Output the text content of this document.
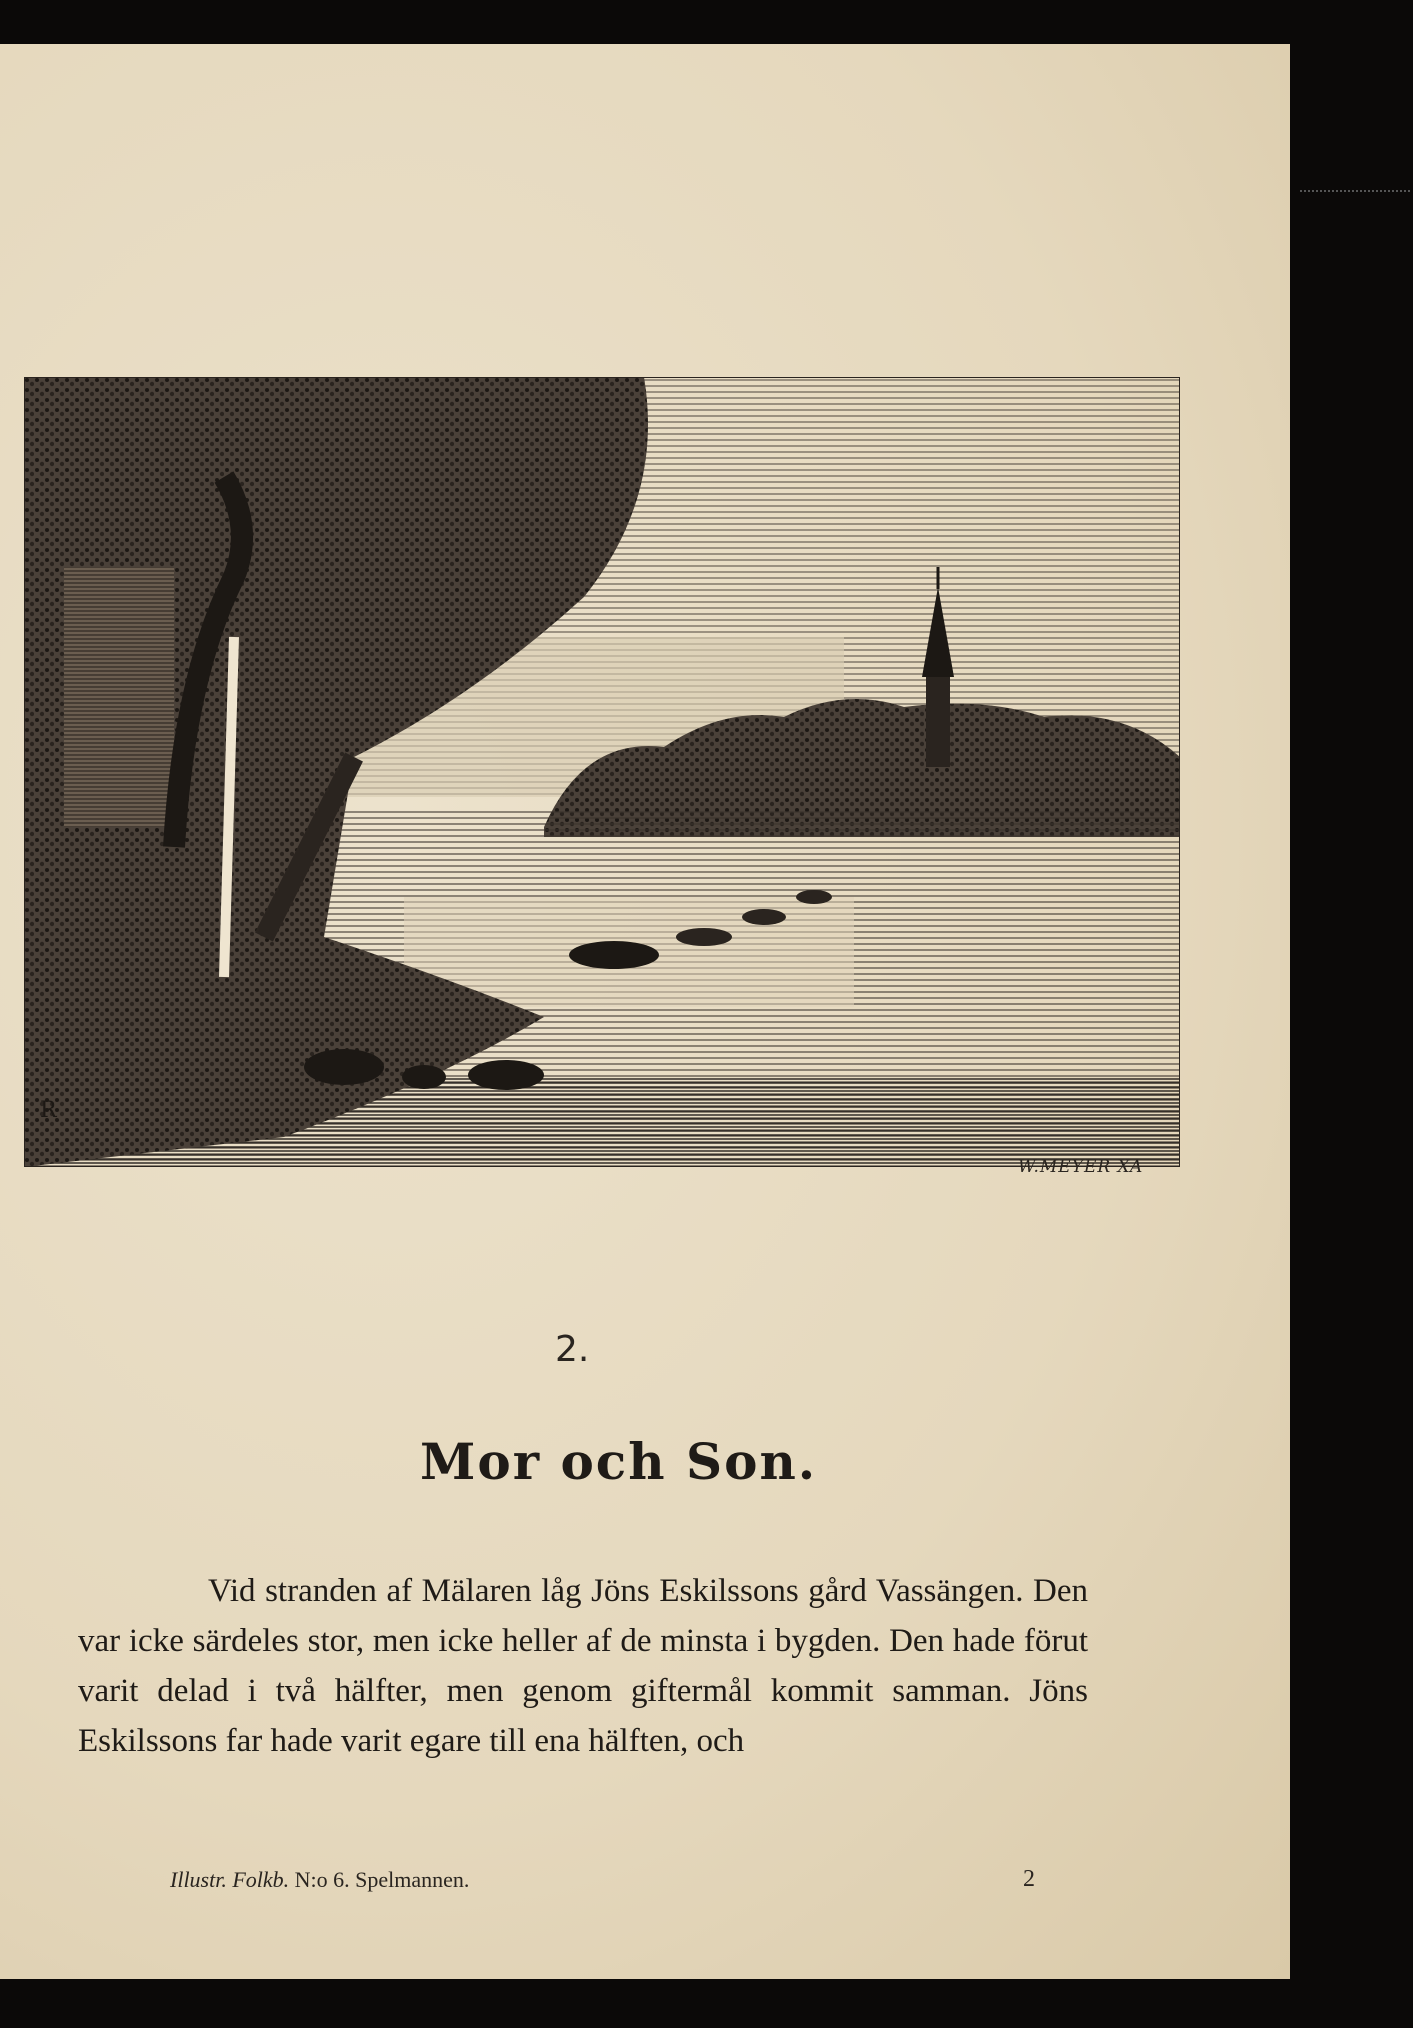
R
W.MEYER XA
2.
Mor och Son.

Vid stranden af Mälaren låg Jöns Eskilssons gård Vassängen. Den var icke särdeles stor, men icke heller af de minsta i bygden. Den hade förut varit delad i två hälfter, men genom giftermål kommit samman. Jöns Eskilssons far hade varit egare till ena hälften, och

Illustr. Folkb. N:o 6. Spelmannen.	2
